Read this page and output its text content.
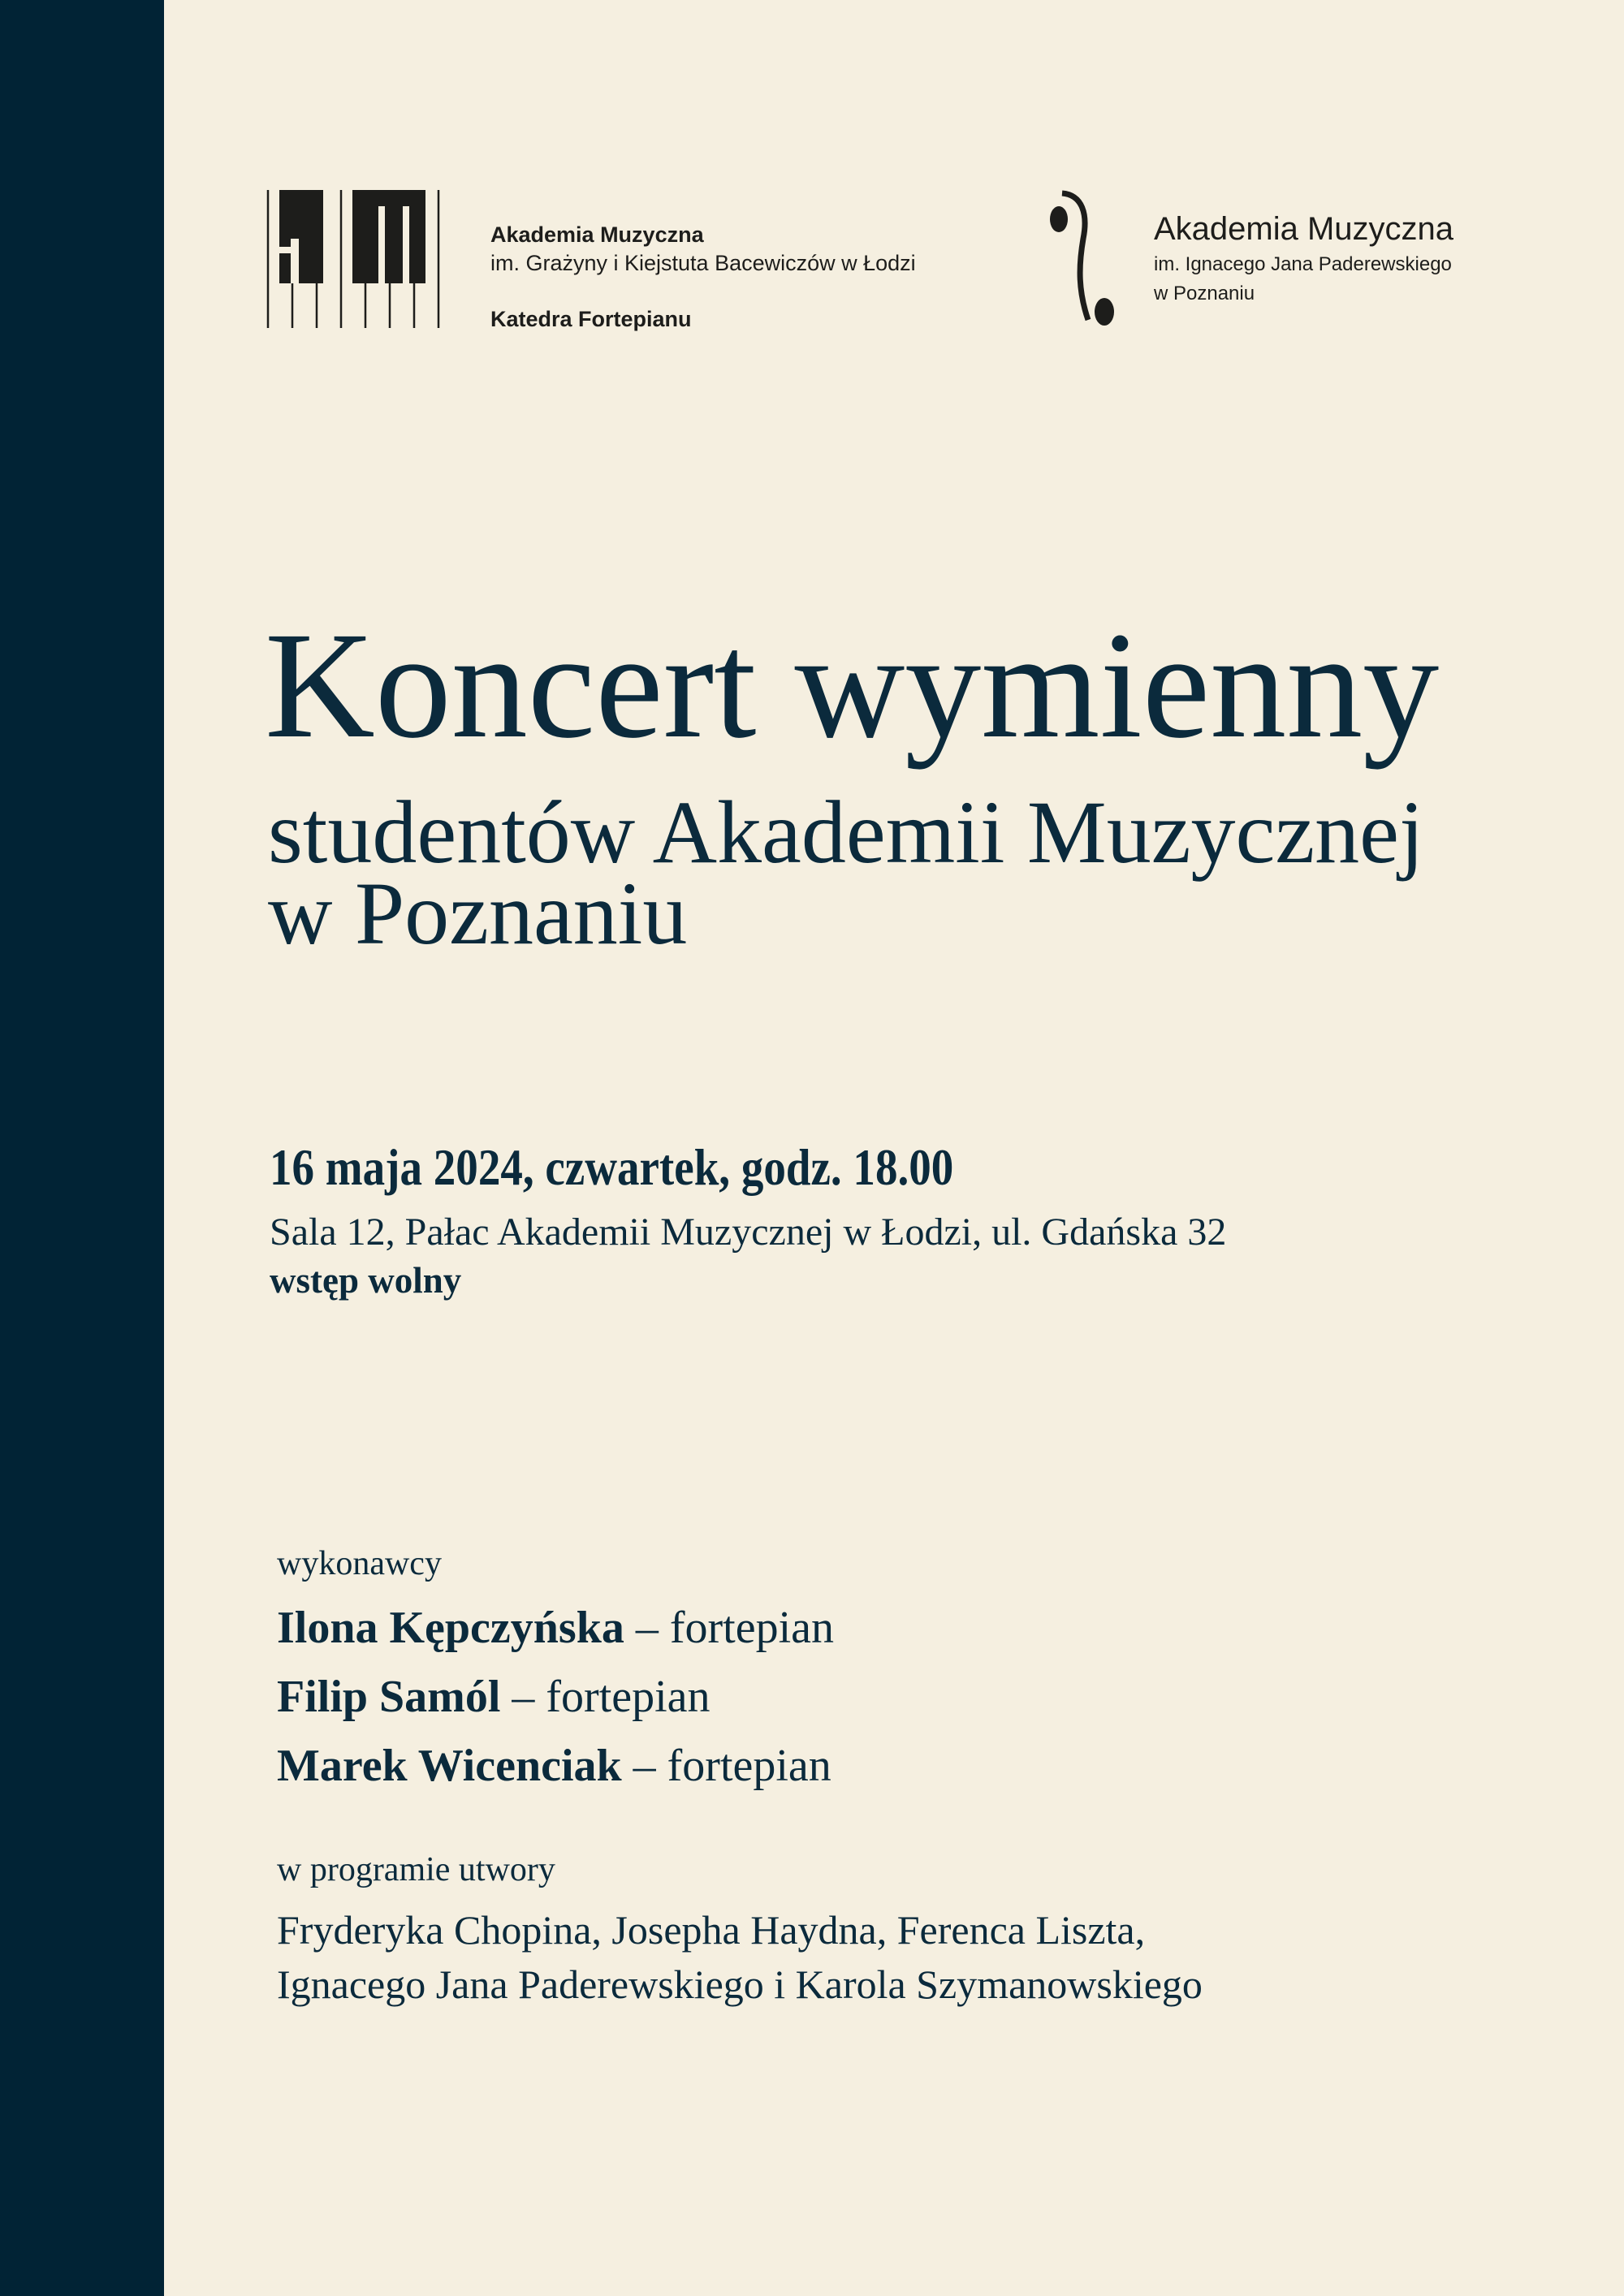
Akademia Muzyczna
im. Grażyny i Kiejstuta Bacewiczów w Łodzi
Katedra Fortepianu
Akademia Muzyczna
im. Ignacego Jana Paderewskiego
w Poznaniu
Koncert wymienny
studentów Akademii Muzycznej
w Poznaniu
16 maja 2024, czwartek, godz. 18.00
Sala 12, Pałac Akademii Muzycznej w Łodzi, ul. Gdańska 32
wstęp wolny
wykonawcy
Ilona Kępczyńska – fortepian
Filip Samól – fortepian
Marek Wicenciak – fortepian
w programie utwory
Fryderyka Chopina, Josepha Haydna, Ferenca Liszta,
Ignacego Jana Paderewskiego i Karola Szymanowskiego
